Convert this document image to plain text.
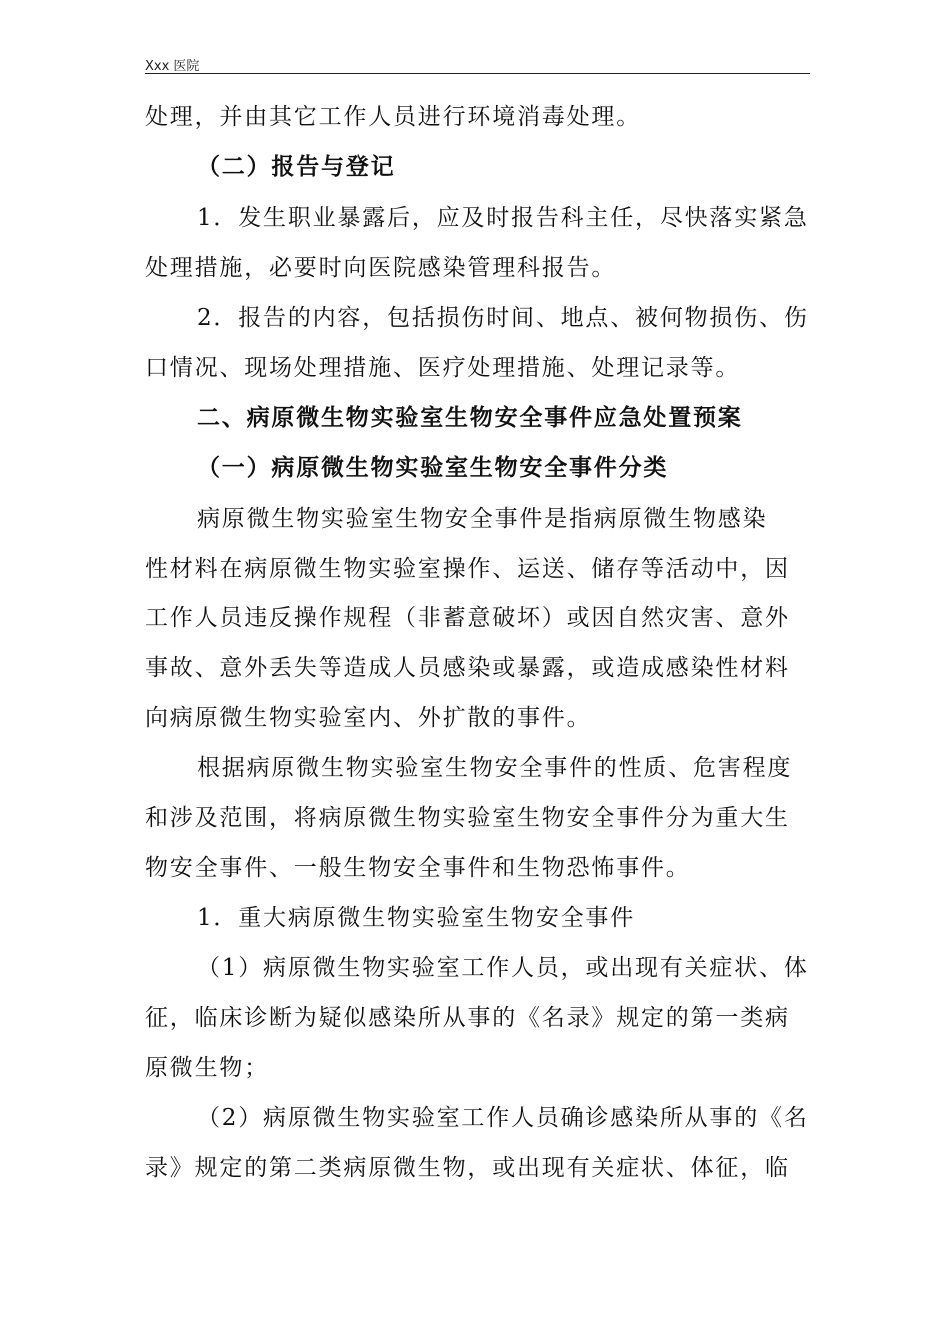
Xxx 医院
处理，并由其它工作人员进行环境消毒处理。
（二）报告与登记
1．发生职业暴露后，应及时报告科主任，尽快落实紧急
处理措施，必要时向医院感染管理科报告。
2．报告的内容，包括损伤时间、地点、被何物损伤、伤
口情况、现场处理措施、医疗处理措施、处理记录等。
二、病原微生物实验室生物安全事件应急处置预案
（一）病原微生物实验室生物安全事件分类
病原微生物实验室生物安全事件是指病原微生物感染
性材料在病原微生物实验室操作、运送、储存等活动中，因
工作人员违反操作规程（非蓄意破坏）或因自然灾害、意外
事故、意外丢失等造成人员感染或暴露，或造成感染性材料
向病原微生物实验室内、外扩散的事件。
根据病原微生物实验室生物安全事件的性质、危害程度
和涉及范围，将病原微生物实验室生物安全事件分为重大生
物安全事件、一般生物安全事件和生物恐怖事件。
1．重大病原微生物实验室生物安全事件
（1）病原微生物实验室工作人员，或出现有关症状、体
征，临床诊断为疑似感染所从事的《名录》规定的第一类病
原微生物；
（2）病原微生物实验室工作人员确诊感染所从事的《名
录》规定的第二类病原微生物，或出现有关症状、体征，临
